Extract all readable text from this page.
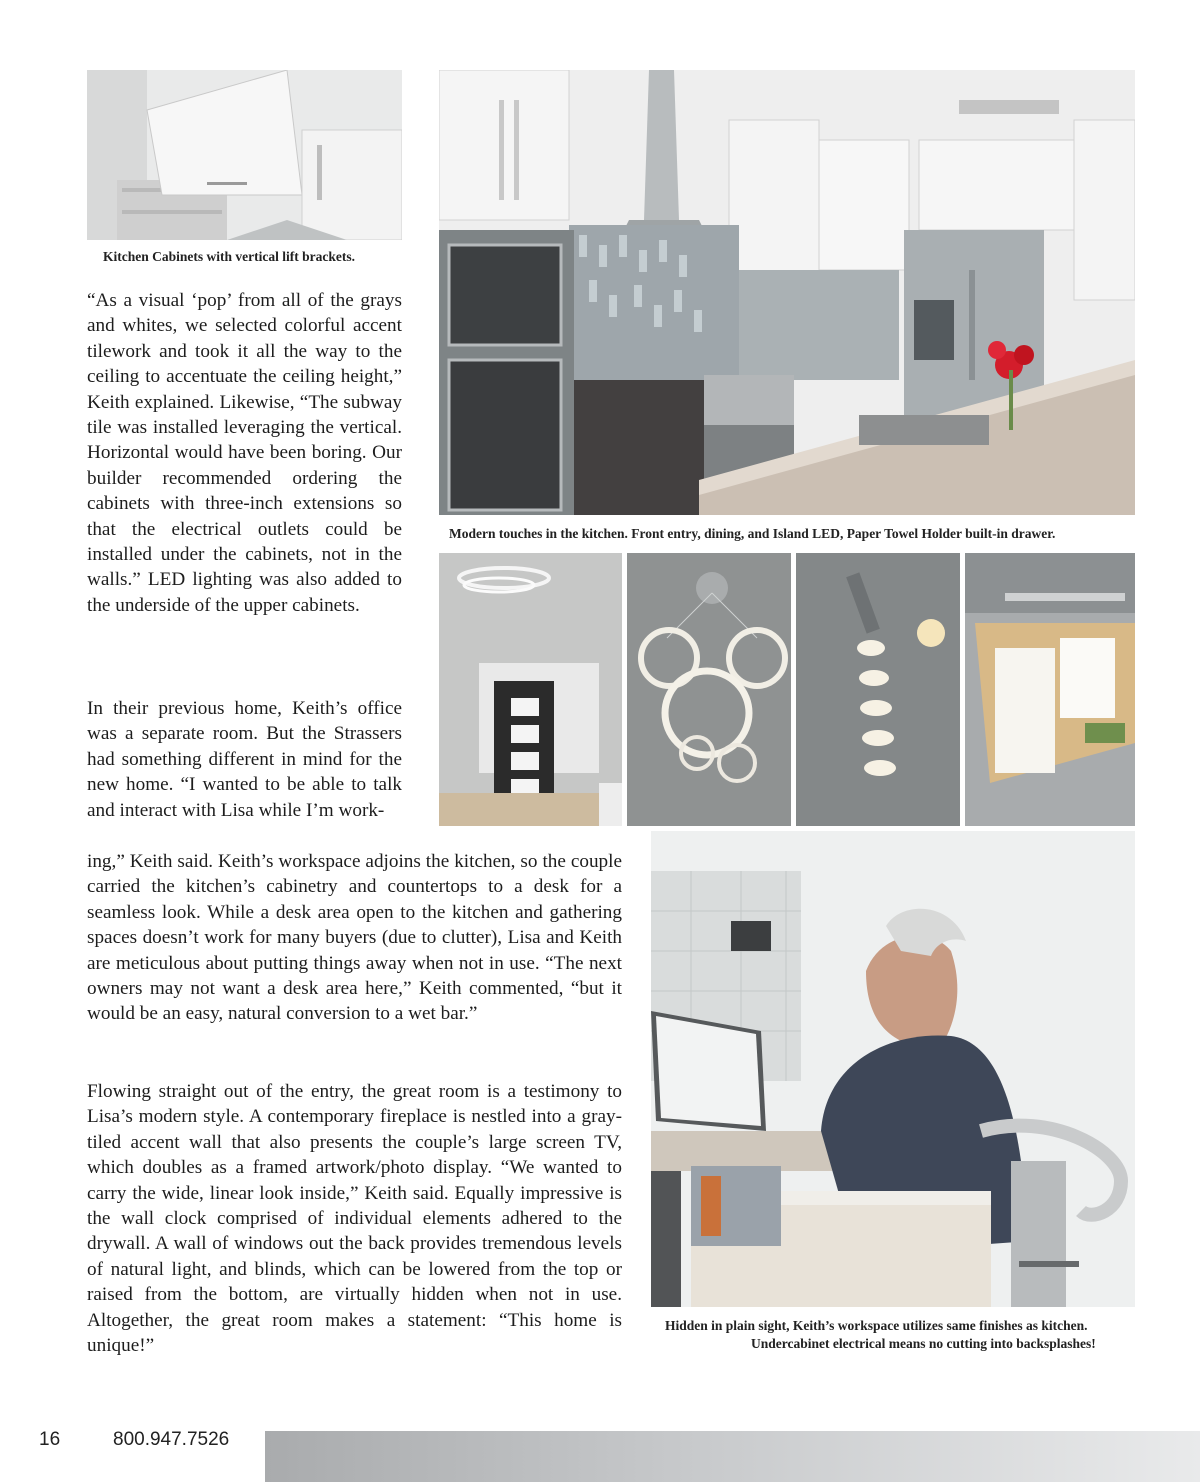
Kitchen Cabinets with vertical lift brackets.
Modern touches in the kitchen. Front entry, dining, and Island LED, Paper Towel Holder built-in drawer.
Hidden in plain sight, Keith’s workspace utilizes same finishes as kitchen.
Undercabinet electrical means no cutting into backsplashes!

“As a visual ‘pop’ from all of the grays and whites, we selected colorful accent tilework and took it all the way to the ceiling to accentuate the ceiling height,” Keith explained. Likewise, “The subway tile was installed leveraging the vertical. Horizontal would have been boring. Our builder recommended ordering the cabinets with three-inch extensions so that the electrical outlets could be installed under the cabinets, not in the walls.” LED lighting was also added to the underside of the upper cabinets.

In their previous home, Keith’s office was a separate room. But the Strassers had something different in mind for the new home. “I wanted to be able to talk and interact with Lisa while I’m work-

ing,” Keith said. Keith’s workspace adjoins the kitchen, so the couple carried the kitchen’s cabinetry and countertops to a desk for a seamless look. While a desk area open to the kitchen and gathering spaces doesn’t work for many buyers (due to clutter), Lisa and Keith are meticulous about putting things away when not in use. “The next owners may not want a desk area here,” Keith commented, “but it would be an easy, natural conversion to a wet bar.”

Flowing straight out of the entry, the great room is a testimony to Lisa’s modern style. A contemporary fireplace is nestled into a gray-tiled accent wall that also presents the couple’s large screen TV, which doubles as a framed artwork/photo display. “We wanted to carry the wide, linear look inside,” Keith said. Equally impressive is the wall clock comprised of individual elements adhered to the drywall. A wall of windows out the back provides tremendous levels of natural light, and blinds, which can be lowered from the top or raised from the bottom, are virtually hidden when not in use. Altogether, the great room makes a statement: “This home is unique!”

16	800.947.7526
